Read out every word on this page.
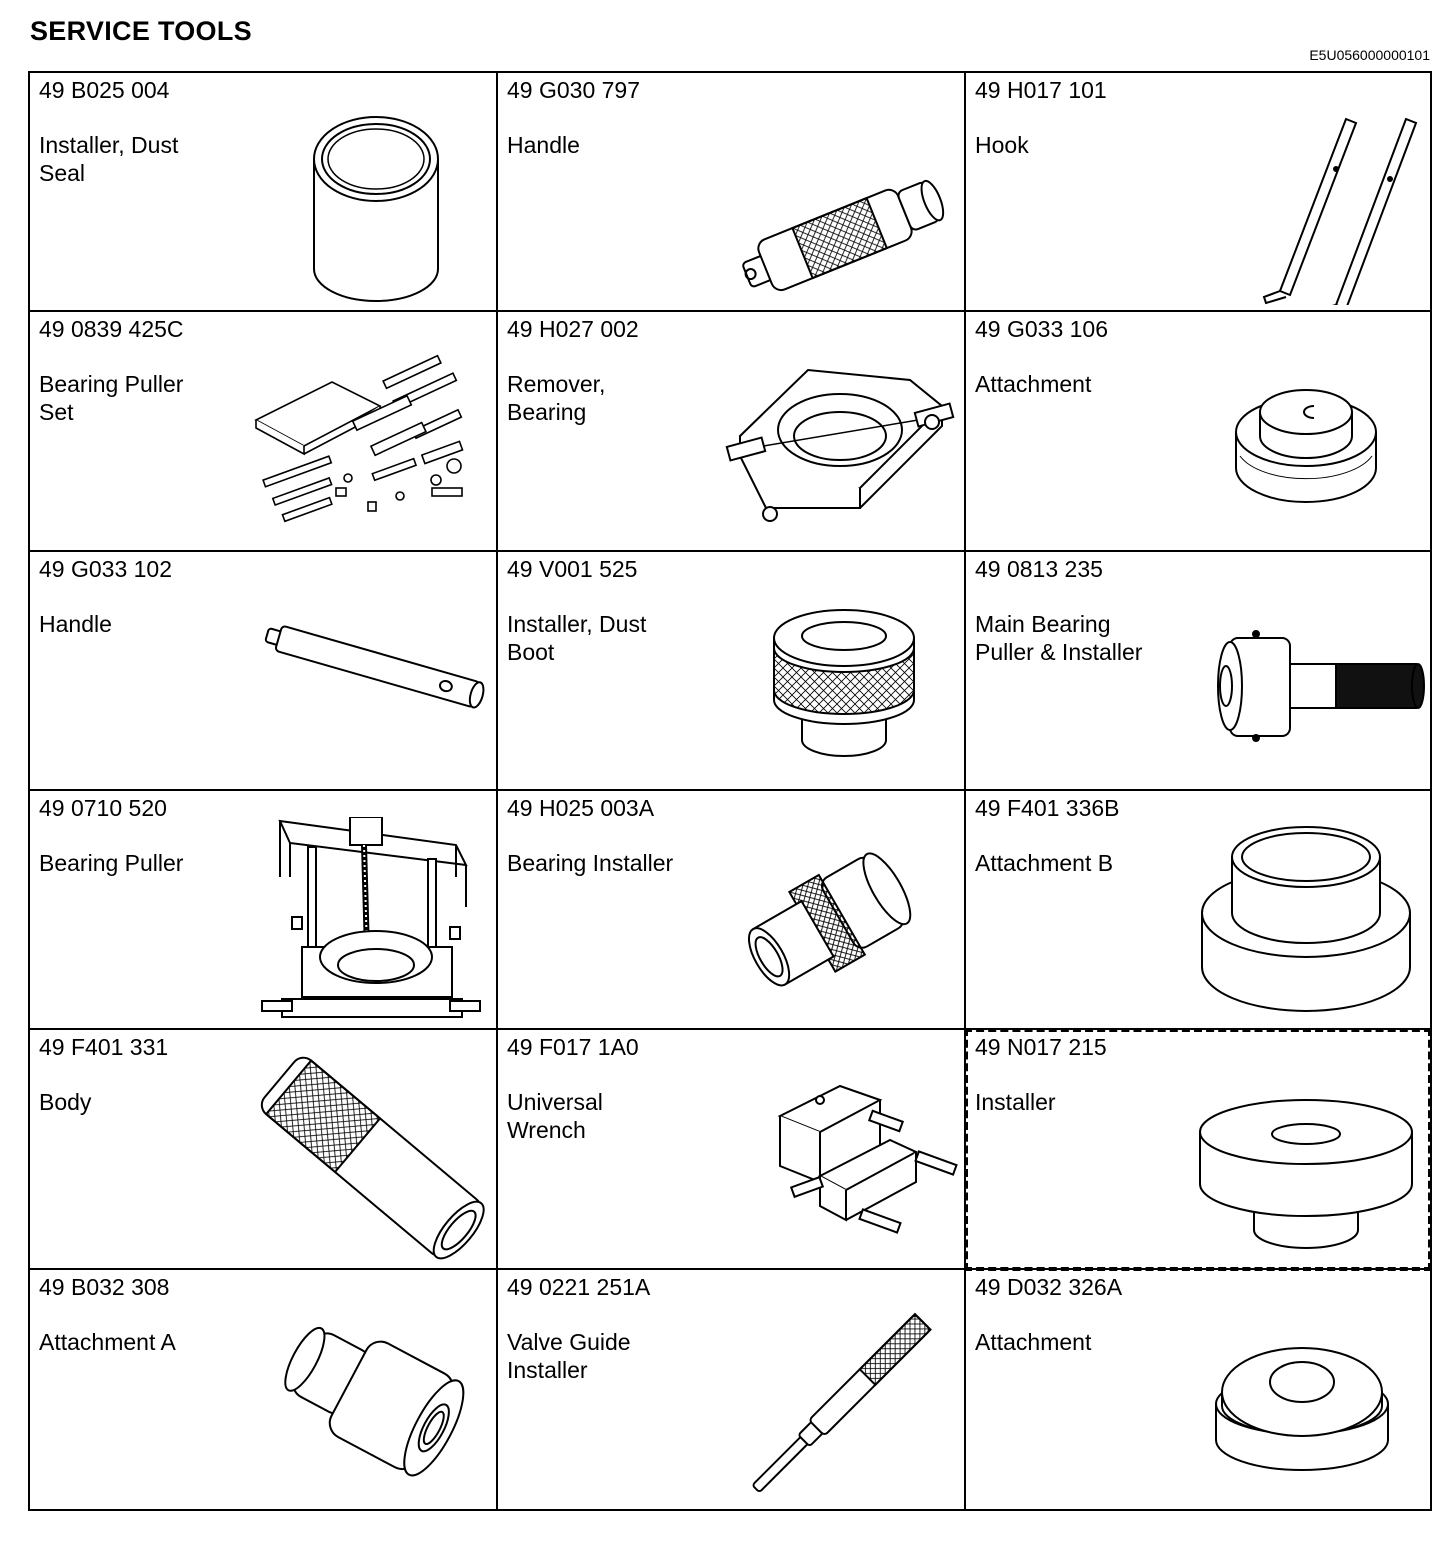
SERVICE TOOLS
E5U056000000101
49 B025 004
Installer, Dust
Seal
49 G030 797
Handle
49 H017 101
Hook
49 0839 425C
Bearing Puller
Set
49 H027 002
Remover,
Bearing
49 G033 106
Attachment
49 G033 102
Handle
49 V001 525
Installer, Dust
Boot
49 0813 235
Main Bearing
Puller & Installer
49 0710 520
Bearing Puller
49 H025 003A
Bearing Installer
49 F401 336B
Attachment B
49 F401 331
Body
49 F017 1A0
Universal
Wrench
49 N017 215
Installer
49 B032 308
Attachment A
49 0221 251A
Valve Guide
Installer
49 D032 326A
Attachment
